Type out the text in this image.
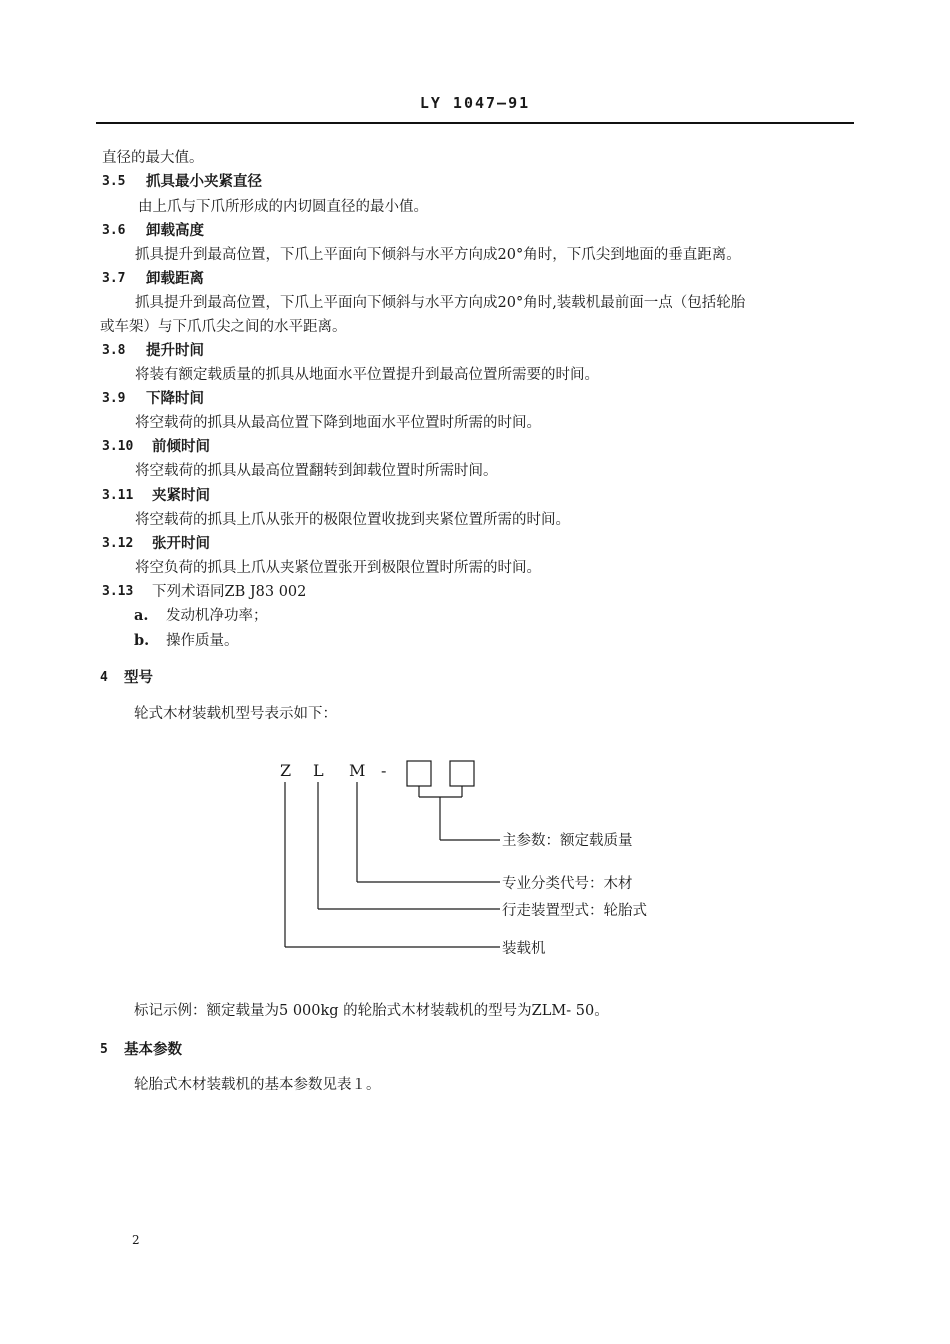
LY 1047—91
直径的最大值。
3.5 抓具最小夹紧直径
由上爪与下爪所形成的内切圆直径的最小值。
3.6 卸载高度
抓具提升到最高位置，下爪上平面向下倾斜与水平方向成20°角时，下爪尖到地面的垂直距离。
3.7 卸载距离
抓具提升到最高位置，下爪上平面向下倾斜与水平方向成20°角时,装载机最前面一点（包括轮胎
或车架）与下爪爪尖之间的水平距离。
3.8 提升时间
将装有额定载质量的抓具从地面水平位置提升到最高位置所需要的时间。
3.9 下降时间
将空载荷的抓具从最高位置下降到地面水平位置时所需的时间。
3.10 前倾时间
将空载荷的抓具从最高位置翻转到卸载位置时所需时间。
3.11 夹紧时间
将空载荷的抓具上爪从张开的极限位置收拢到夹紧位置所需的时间。
3.12 张开时间
将空负荷的抓具上爪从夹紧位置张开到极限位置时所需的时间。
3.13 下列术语同ZB J83 002
a. 发动机净功率；
b. 操作质量。
4 型号
轮式木材装载机型号表示如下：
Z L M -
主参数：额定载质量
专业分类代号：木材
行走装置型式：轮胎式
装载机
标记示例：额定载量为5 000kg 的轮胎式木材装载机的型号为ZLM- 50。
5 基本参数
轮胎式木材装载机的基本参数见表１。
2
